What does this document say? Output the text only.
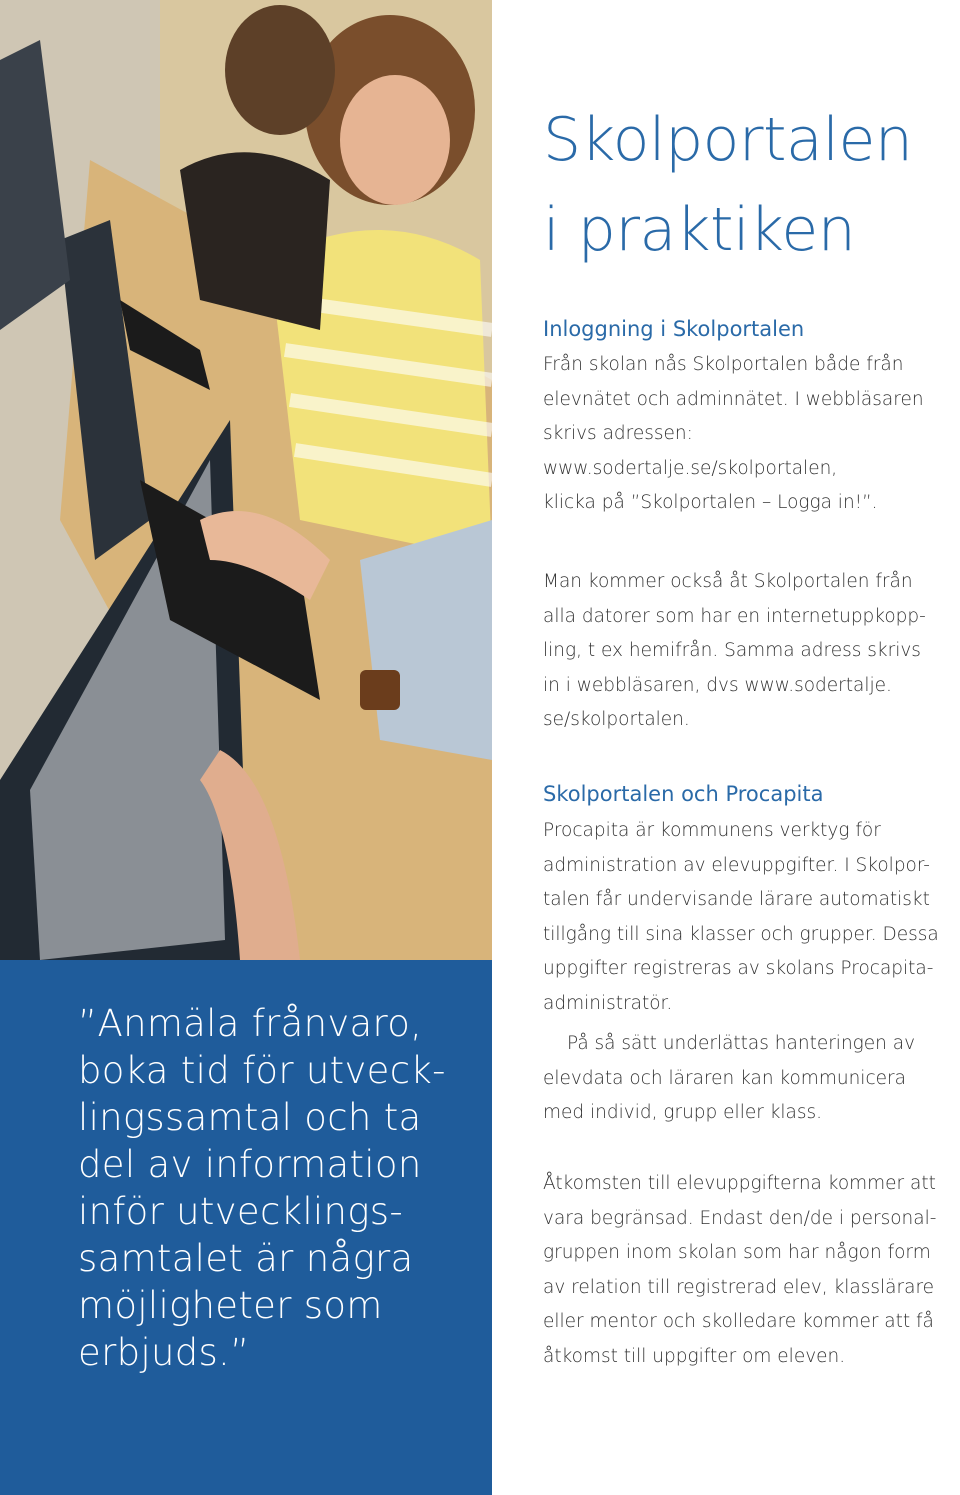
”Anmäla frånvaro,
boka tid för utveck-
lingssamtal och ta
del av information
inför utvecklings-
samtalet är några
möjligheter som
erbjuds.”
Skolportalen
i praktiken
Inloggning i Skolportalen
Från skolan nås Skolportalen både från
elevnätet och adminnätet. I webbläsaren
skrivs adressen:
www.sodertalje.se/skolportalen,
klicka på ”Skolportalen – Logga in!”.
Man kommer också åt Skolportalen från
alla datorer som har en internetuppkopp-
ling, t ex hemifrån. Samma adress skrivs
in i webbläsaren, dvs www.sodertalje.
se/skolportalen.
Skolportalen och Procapita
Procapita är kommunens verktyg för
administration av elevuppgifter. I Skolpor-
talen får undervisande lärare automatiskt
tillgång till sina klasser och grupper. Dessa
uppgifter registreras av skolans Procapita-
administratör.
På så sätt underlättas hanteringen av
elevdata och läraren kan kommunicera
med individ, grupp eller klass.
Åtkomsten till elevuppgifterna kommer att
vara begränsad. Endast den/de i personal-
gruppen inom skolan som har någon form
av relation till registrerad elev, klasslärare
eller mentor och skolledare kommer att få
åtkomst till uppgifter om eleven.
